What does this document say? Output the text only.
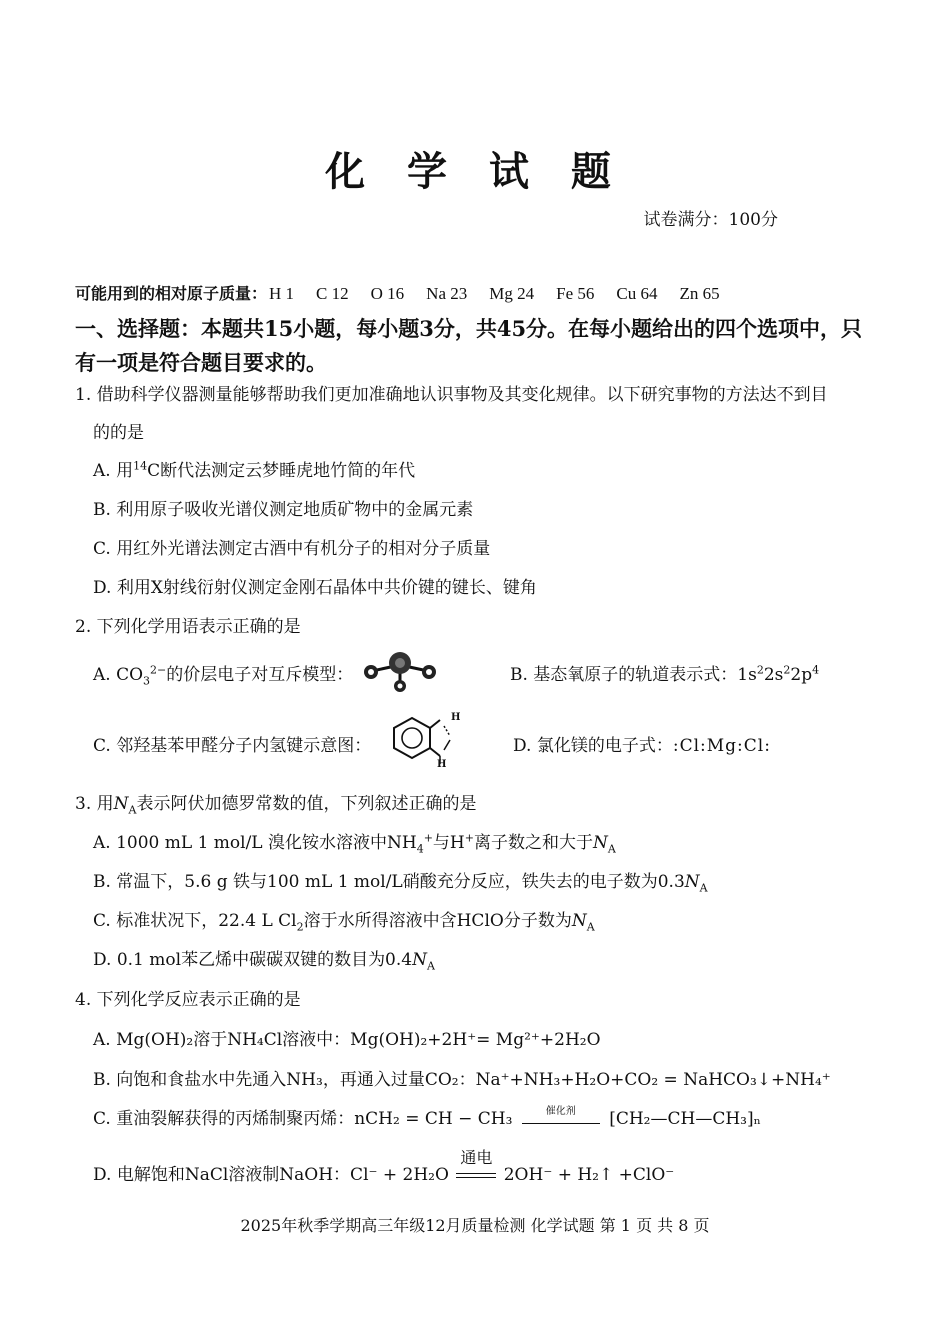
化 学 试 题
试卷满分：100分
可能用到的相对原子质量： H 1 C 12 O 16 Na 23 Mg 24 Fe 56 Cu 64 Zn 65
一、选择题：本题共15小题，每小题3分，共45分。在每小题给出的四个选项中，只有一项是符合题目要求的。
1. 借助科学仪器测量能够帮助我们更加准确地认识事物及其变化规律。以下研究事物的方法达不到目
的的是
A. 用$^{14}$C断代法测定云梦睡虎地竹简的年代
B. 利用原子吸收光谱仪测定地质矿物中的金属元素
C. 用红外光谱法测定古酒中有机分子的相对分子质量
D. 利用X射线衍射仪测定金刚石晶体中共价键的键长、键角
2. 下列化学用语表示正确的是
A. $CO_3^{2-}$的价层电子对互斥模型：	B. 基态氧原子的轨道表示式：$1s^22s^22p^4$
C. 邻羟基苯甲醛分子内氢键示意图：
H
H
D. 氯化镁的电子式：:Cl:Mg:Cl:
3. 用$N_A$表示阿伏加德罗常数的值，下列叙述正确的是
A. 1000 mL 1 mol/L 溴化铵水溶液中$NH_4^+$与H+离子数之和大于$N_A$
B. 常温下，5.6 g 铁与100 mL 1 mol/L硝酸充分反应，铁失去的电子数为$0.3N_A$
C. 标准状况下，22.4 L $Cl_2$溶于水所得溶液中含HClO分子数为$N_A$
D. 0.1 mol苯乙烯中碳碳双键的数目为$0.4N_A$
4. 下列化学反应表示正确的是
A. Mg(OH)₂溶于NH₄Cl溶液中：Mg(OH)₂+2H⁺= Mg²⁺+2H₂O
B. 向饱和食盐水中先通入NH₃，再通入过量CO₂：Na⁺+NH₃+H₂O+CO₂ = NaHCO₃↓+NH₄⁺
C. 重油裂解获得的丙烯制聚丙烯：nCH₂ = CH − CH₃	催化剂	[CH₂—CH—CH₃]ₙ
D. 电解饱和NaCl溶液制NaOH：Cl⁻ + 2H₂O
通电
2OH⁻ + H₂↑ +ClO⁻
2025年秋季学期高三年级12月质量检测 化学试题 第 1 页 共 8 页
